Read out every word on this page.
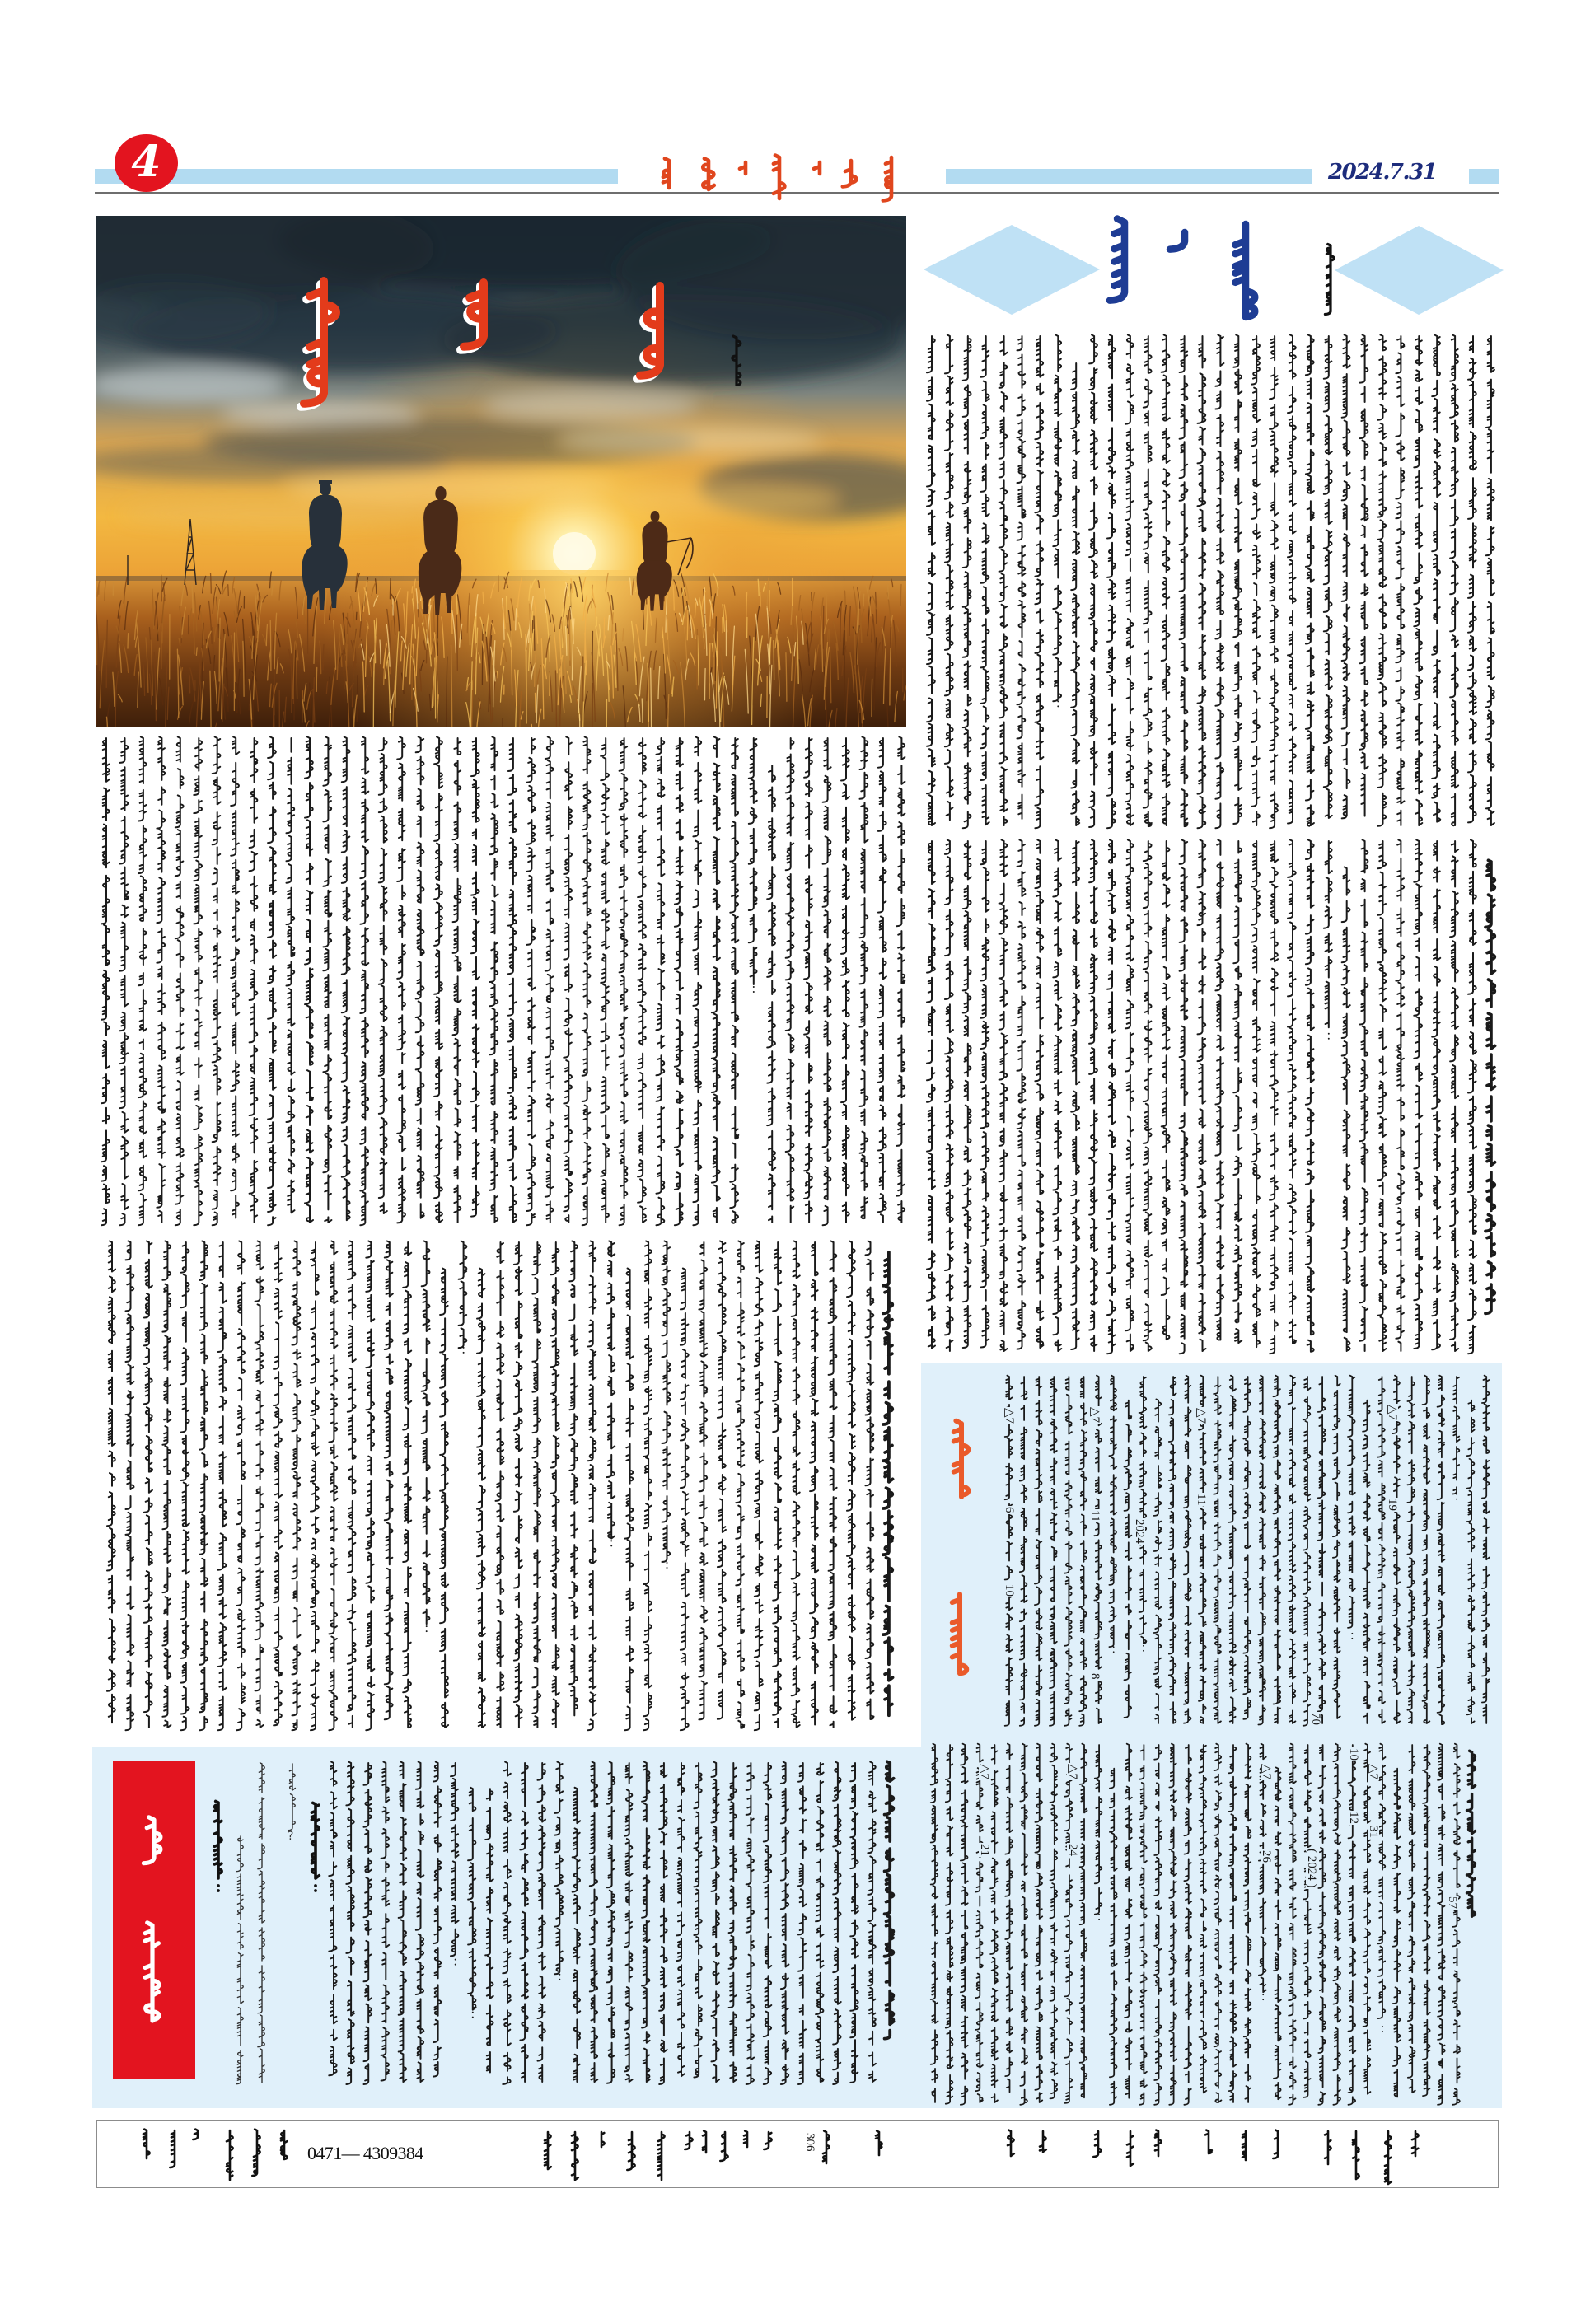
4	2024.7.31
△7
6
10
△7
11
2024
8
△7
11
70
△7
19
△7
21
△7
24
△7
26	( 2024 )
10
12
△7
31
57
?
0471— 4309384
306
